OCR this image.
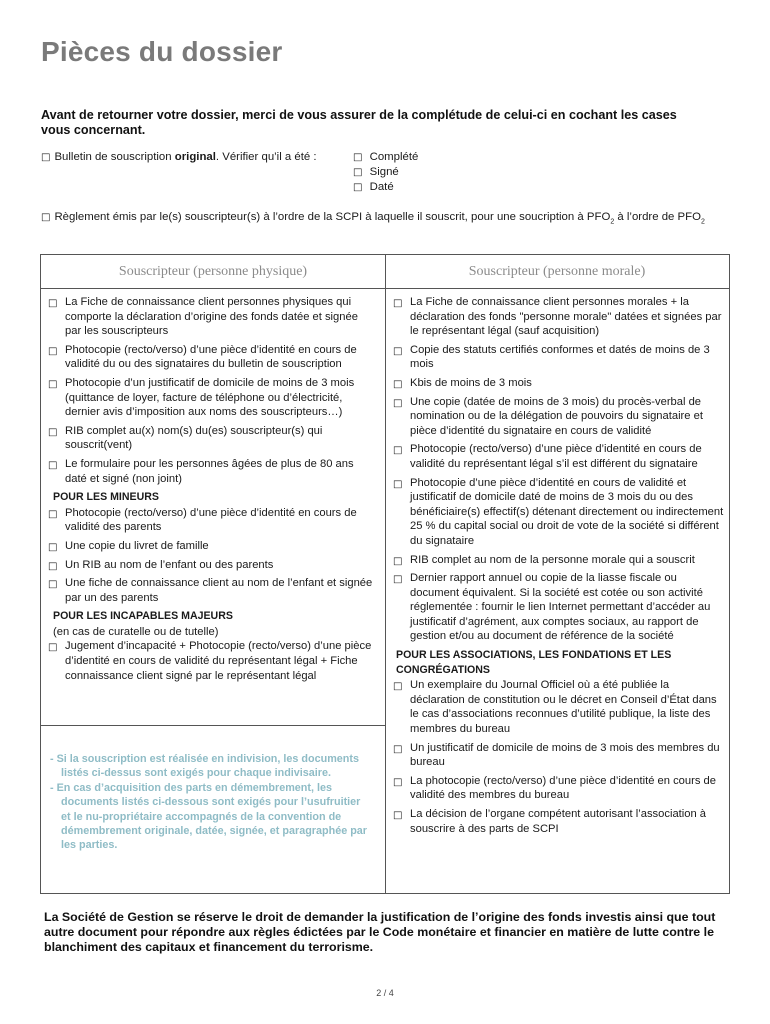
Pièces du dossier
Avant de retourner votre dossier, merci de vous assurer de la complétude de celui-ci en cochant les cases vous concernant.
□ Bulletin de souscription original. Vérifier qu’il a été :	□ Complété
□ Signé
□ Daté
□ Règlement émis par le(s) souscripteur(s) à l’ordre de la SCPI à laquelle il souscrit, pour une soucription à $PFO_2$ à l’ordre de $PFO_2$
Souscripteur (personne physique)	Souscripteur (personne morale)
□ La Fiche de connaissance client personnes physiques qui comporte la déclaration d’origine des fonds datée et signée par les souscripteurs
□ Photocopie (recto/verso) d’une pièce d’identité en cours de validité du ou des signataires du bulletin de souscription
□ Photocopie d’un justificatif de domicile de moins de 3 mois (quittance de loyer, facture de téléphone ou d’électricité, dernier avis d’imposition aux noms des souscripteurs…)
□ RIB complet au(x) nom(s) du(es) souscripteur(s) qui souscrit(vent)
□ Le formulaire pour les personnes âgées de plus de 80 ans daté et signé (non joint)
POUR LES MINEURS
□ Photocopie (recto/verso) d’une pièce d’identité en cours de validité des parents
□ Une copie du livret de famille
□ Un RIB au nom de l’enfant ou des parents
□ Une fiche de connaissance client au nom de l’enfant et signée par un des parents
POUR LES INCAPABLES MAJEURS
(en cas de curatelle ou de tutelle)
□ Jugement d’incapacité + Photocopie (recto/verso) d’une pièce d’identité en cours de validité du représentant légal + Fiche connaissance client signé par le représentant légal
- Si la souscription est réalisée en indivision, les documents listés ci-dessus sont exigés pour chaque indivisaire.
- En cas d’acquisition des parts en démembrement, les documents listés ci-dessous sont exigés pour l’usufruitier et le nu-propriétaire accompagnés de la convention de démembrement originale, datée, signée, et paragraphée par les parties.
□ La Fiche de connaissance client personnes morales + la déclaration des fonds "personne morale" datées et signées par le représentant légal (sauf acquisition)
□ Copie des statuts certifiés conformes et datés de moins de 3 mois
□ Kbis de moins de 3 mois
□ Une copie (datée de moins de 3 mois) du procès-verbal de nomination ou de la délégation de pouvoirs du signataire et pièce d’identité du signataire en cours de validité
□ Photocopie (recto/verso) d’une pièce d’identité en cours de validité du représentant légal s’il est différent du signataire
□ Photocopie d’une pièce d’identité en cours de validité et justificatif de domicile daté de moins de 3 mois du ou des bénéficiaire(s) effectif(s) détenant directement ou indirectement 25 % du capital social ou droit de vote de la société si différent du signataire
□ RIB complet au nom de la personne morale qui a souscrit
□ Dernier rapport annuel ou copie de la liasse fiscale ou document équivalent. Si la société est cotée ou son activité réglementée : fournir le lien Internet permettant d’accéder au justificatif d’agrément, aux comptes sociaux, au rapport de gestion et/ou au document de référence de la société
POUR LES ASSOCIATIONS, LES FONDATIONS ET LES CONGRÉGATIONS
□ Un exemplaire du Journal Officiel où a été publiée la déclaration de constitution ou le décret en Conseil d’État dans le cas d’associations reconnues d’utilité publique, la liste des membres du bureau
□ Un justificatif de domicile de moins de 3 mois des membres du bureau
□ La photocopie (recto/verso) d’une pièce d’identité en cours de validité des membres du bureau
□ La décision de l’organe compétent autorisant l’association à souscrire à des parts de SCPI
La Société de Gestion se réserve le droit de demander la justification de l’origine des fonds investis ainsi que tout autre document pour répondre aux règles édictées par le Code monétaire et financier en matière de lutte contre le blanchiment des capitaux et financement du terrorisme.
2 / 4
